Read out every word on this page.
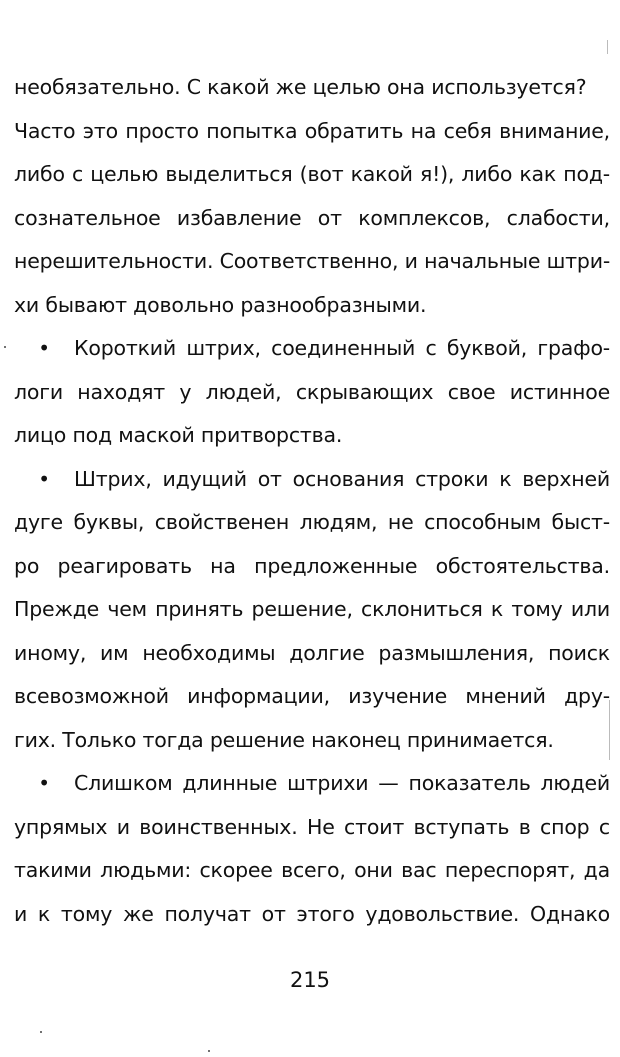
необязательно. С какой же целью она используется?
Часто это просто попытка обратить на себя внимание,
либо с целью выделиться (вот какой я!), либо как под-
сознательное избавление от комплексов, слабости,
нерешительности. Соответственно, и начальные штри-
хи бывают довольно разнообразными.
•	Короткий штрих, соединенный с буквой, графо-
логи находят у людей, скрывающих свое истинное
лицо под маской притворства.
•	Штрих, идущий от основания строки к верхней
дуге буквы, свойственен людям, не способным быст-
ро реагировать на предложенные обстоятельства.
Прежде чем принять решение, склониться к тому или
иному, им необходимы долгие размышления, поиск
всевозможной информации, изучение мнений дру-
гих. Только тогда решение наконец принимается.
•	Слишком длинные штрихи — показатель людей
упрямых и воинственных. Не стоит вступать в спор с
такими людьми: скорее всего, они вас переспорят, да
и к тому же получат от этого удовольствие. Однако
215
